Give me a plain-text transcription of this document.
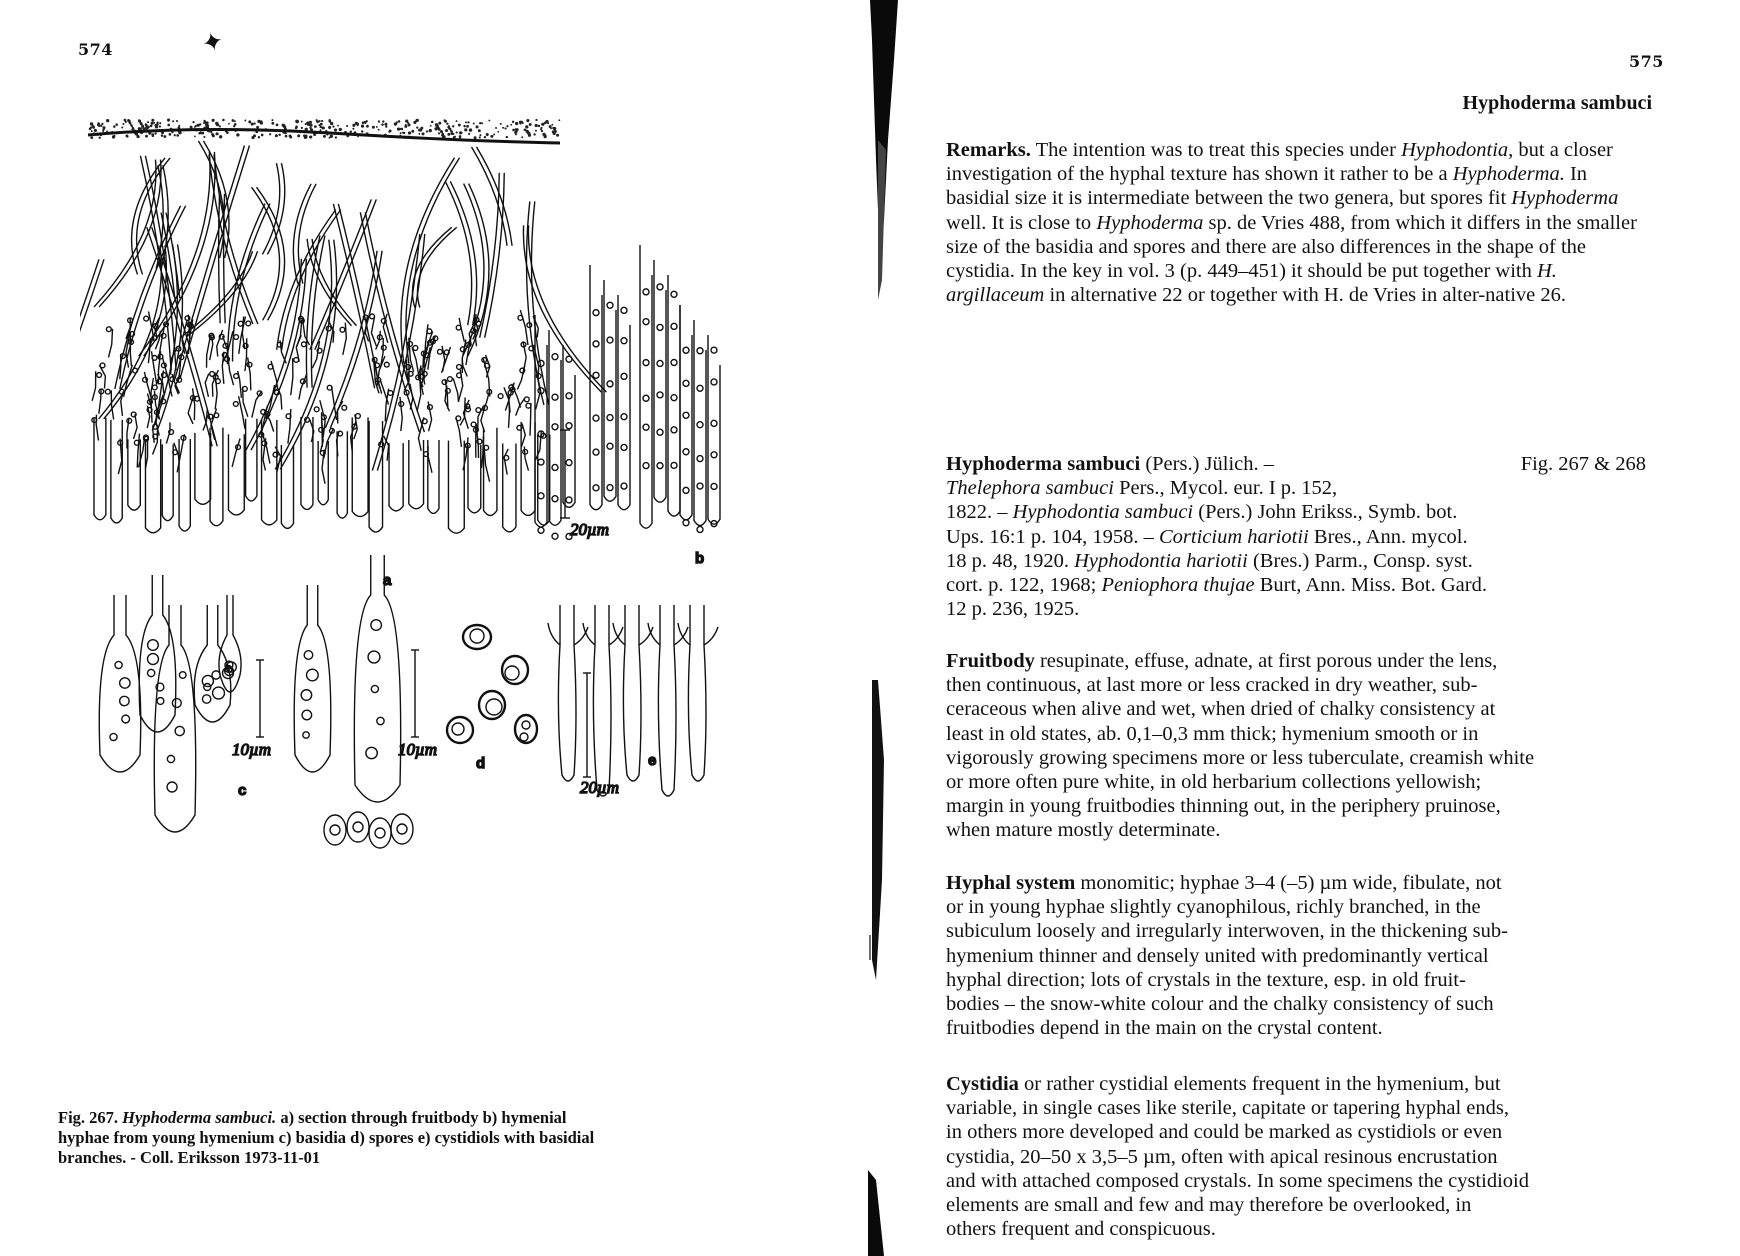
574	✦
20µm
a
b
10µm	10µm
c
d
20µm
e
Fig. 267. Hyphoderma sambuci. a) section through fruitbody b) hymenial
hyphae from young hymenium c) basidia d) spores e) cystidiols with basidial
branches. - Coll. Eriksson 1973-11-01
575
Hyphoderma sambuci

Remarks. The intention was to treat this species under Hyphodontia, but a closer investigation of the hyphal texture has shown it rather to be a Hyphoderma. In basidial size it is intermediate between the two genera, but spores fit Hyphoderma well. It is close to Hyphoderma sp. de Vries 488, from which it differs in the smaller size of the basidia and spores and there are also differences in the shape of the cystidia. In the key in vol. 3 (p. 449–451) it should be put together with H. argillaceum in alternative 22 or together with H. de Vries in alter-native 26.

Hyphoderma sambuci (Pers.) Jülich. –	Fig. 267 & 268
Thelephora sambuci Pers., Mycol. eur. I p. 152,
1822. – Hyphodontia sambuci (Pers.) John Erikss., Symb. bot.
Ups. 16:1 p. 104, 1958. – Corticium hariotii Bres., Ann. mycol.
18 p. 48, 1920. Hyphodontia hariotii (Bres.) Parm., Consp. syst.
cort. p. 122, 1968; Peniophora thujae Burt, Ann. Miss. Bot. Gard.
12 p. 236, 1925.
Fruitbody resupinate, effuse, adnate, at first porous under the lens,
then continuous, at last more or less cracked in dry weather, sub-
ceraceous when alive and wet, when dried of chalky consistency at
least in old states, ab. 0,1–0,3 mm thick; hymenium smooth or in
vigorously growing specimens more or less tuberculate, creamish white
or more often pure white, in old herbarium collections yellowish;
margin in young fruitbodies thinning out, in the periphery pruinose,
when mature mostly determinate.
Hyphal system monomitic; hyphae 3–4 (–5) µm wide, fibulate, not
or in young hyphae slightly cyanophilous, richly branched, in the
subiculum loosely and irregularly interwoven, in the thickening sub-
hymenium thinner and densely united with predominantly vertical
hyphal direction; lots of crystals in the texture, esp. in old fruit-
bodies – the snow-white colour and the chalky consistency of such
fruitbodies depend in the main on the crystal content.
Cystidia or rather cystidial elements frequent in the hymenium, but
variable, in single cases like sterile, capitate or tapering hyphal ends,
in others more developed and could be marked as cystidiols or even
cystidia, 20–50 x 3,5–5 µm, often with apical resinous encrustation
and with attached composed crystals. In some specimens the cystidioid
elements are small and few and may therefore be overlooked, in
others frequent and conspicuous.
